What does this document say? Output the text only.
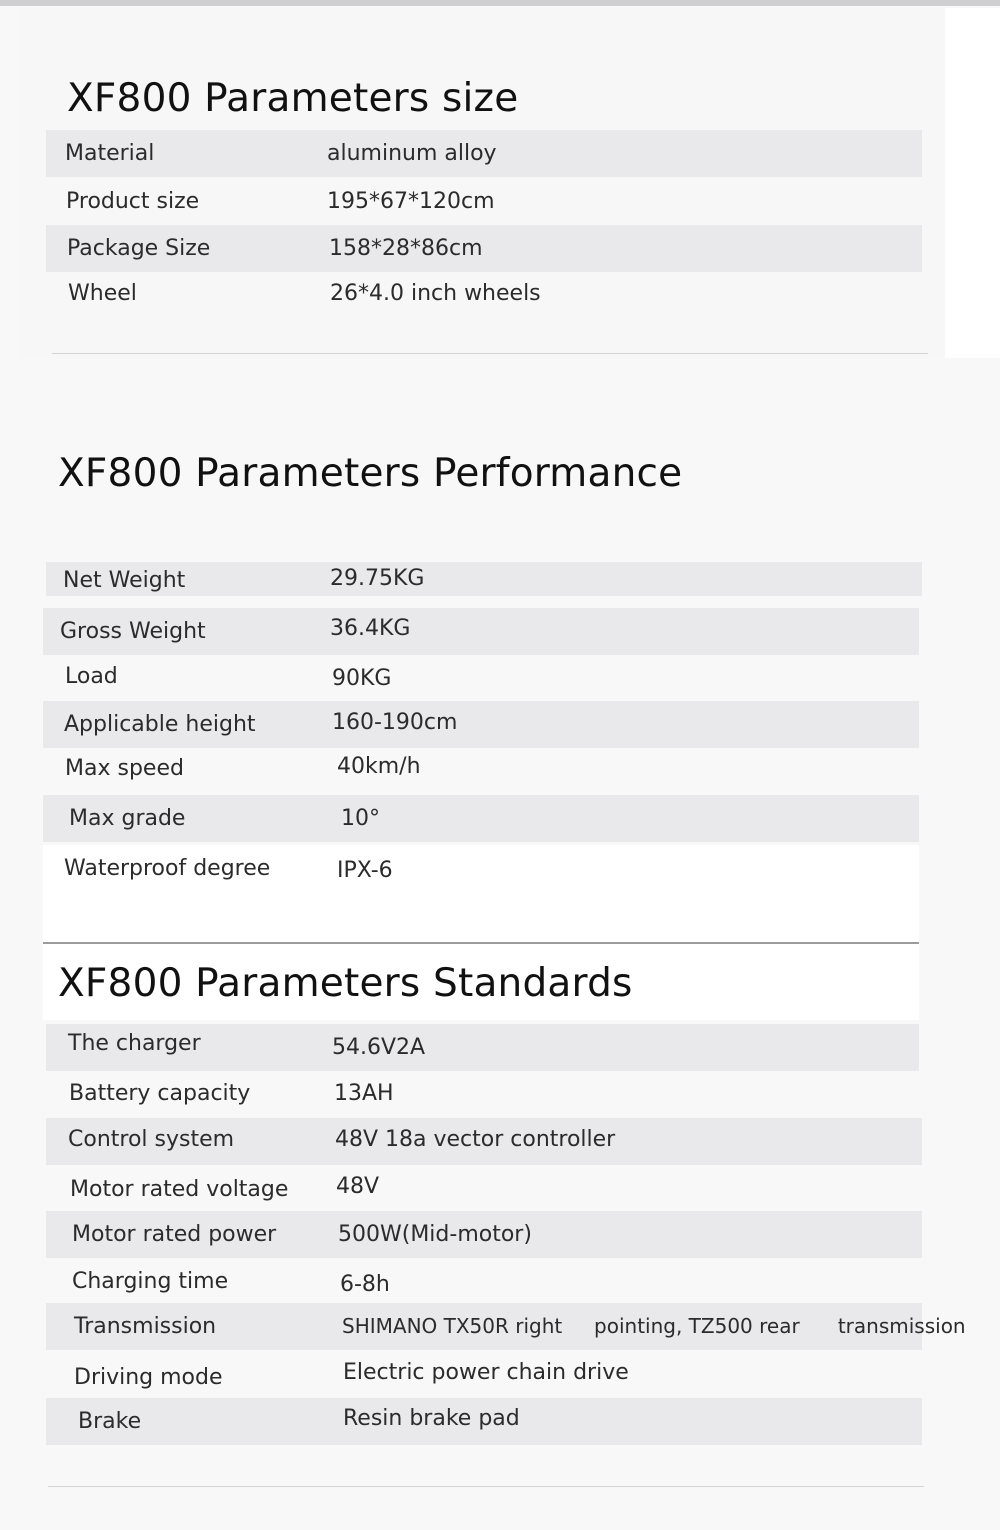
XF800 Parameters size
Material	aluminum alloy
Product size	195*67*120cm
Package Size	158*28*86cm
Wheel	26*4.0 inch wheels
XF800 Parameters Performance
Net Weight	29.75KG
Gross Weight	36.4KG
Load	90KG
Applicable height	160-190cm
Max speed	40km/h
Max grade	10°
Waterproof degree	IPX-6
XF800 Parameters Standards
The charger	54.6V2A
Battery capacity	13AH
Control system	48V 18a vector controller
Motor rated voltage 48V
Motor rated power	500W(Mid-motor)
Charging time	6-8h
Transmission	SHIMANO TX50R right     pointing, TZ500 rear      transmission
Driving mode	Electric power chain drive
Brake	Resin brake pad
